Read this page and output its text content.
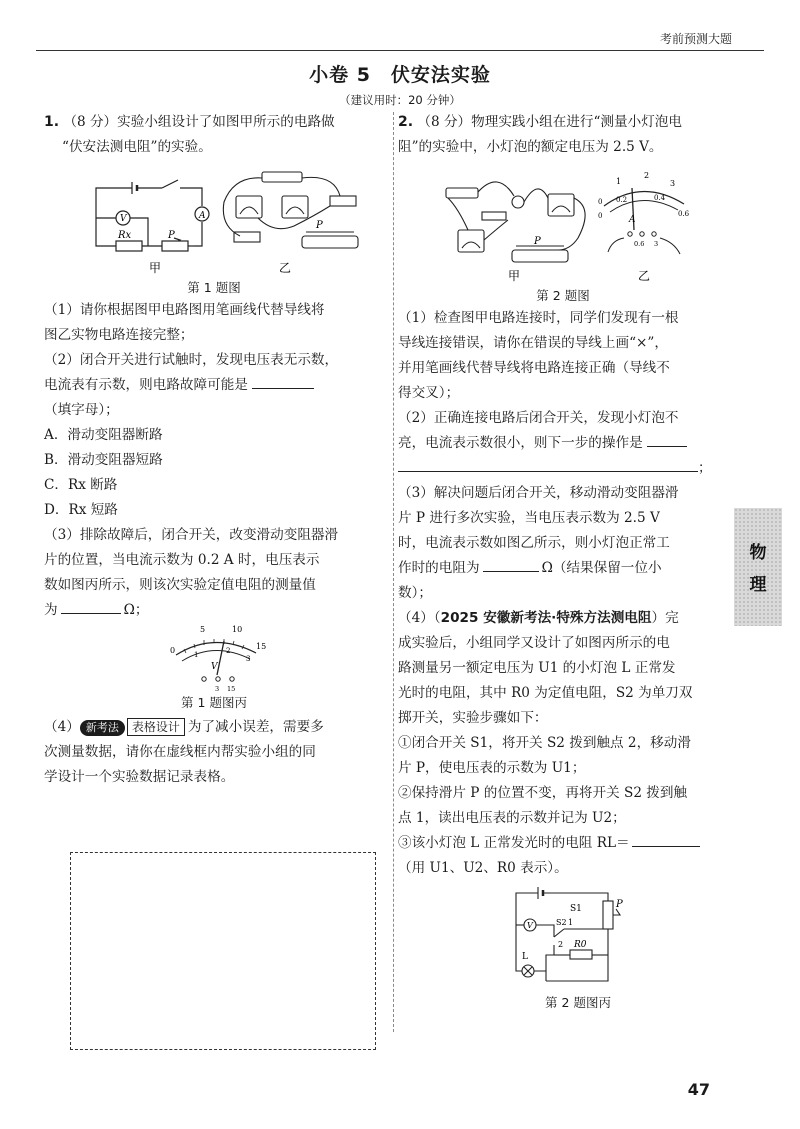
考前预测大题
小卷 5　伏安法实验
（建议用时：20 分钟）

1. （8 分）实验小组设计了如图甲所示的电路做

“伏安法测电阻”的实验。

A
V
Rx	P
甲
P
乙

第 1 题图

（1）请你根据图甲电路图用笔画线代替导线将

图乙实物电路连接完整；

（2）闭合开关进行试触时，发现电压表无示数，

电流表有示数，则电路故障可能是

（填字母）；

A．滑动变阻器断路

B．滑动变阻器短路

C．Rx 断路

D．Rx 短路

（3）排除故障后，闭合开关，改变滑动变阻器滑

片的位置，当电流示数为 0.2 A 时，电压表示

数如图丙所示，则该次实验定值电阻的测量值

为	Ω；

0
5	10
15
1	2
3
V
3 15

第 1 题图丙

（4） 新考法 表格设计 为了减小误差，需要多

次测量数据，请你在虚线框内帮实验小组的同

学设计一个实验数据记录表格。

2. （8 分）物理实践小组在进行“测量小灯泡电

阻”的实验中，小灯泡的额定电压为 2.5 V。

P
甲
1
2
3
0
0
0.2	0.4
0.6
A
0.6 3
乙

第 2 题图

（1）检查图甲电路连接时，同学们发现有一根

导线连接错误，请你在错误的导线上画“×”，

并用笔画线代替导线将电路连接正确（导线不

得交叉）；

（2）正确连接电路后闭合开关，发现小灯泡不

亮，电流表示数很小，则下一步的操作是

；

（3）解决问题后闭合开关，移动滑动变阻器滑

片 P 进行多次实验，当电压表示数为 2.5 V

时，电流表示数如图乙所示，则小灯泡正常工

作时的电阻为	Ω（结果保留一位小

数）；

（4）（2025 安徽新考法·特殊方法测电阻）完

成实验后，小组同学又设计了如图丙所示的电

路测量另一额定电压为 U1 的小灯泡 L 正常发

光时的电阻，其中 R0 为定值电阻，S2 为单刀双

掷开关，实验步骤如下：

①闭合开关 S1，将开关 S2 拨到触点 2，移动滑

片 P，使电压表的示数为 U1；

②保持滑片 P 的位置不变，再将开关 S2 拨到触

点 1，读出电压表的示数并记为 U2；

③该小灯泡 L 正常发光时的电阻 RL＝

（用 U1、U2、R0 表示）。

S1	P
V	S2 1
2
L
R0

第 2 题图丙

物
理
47
